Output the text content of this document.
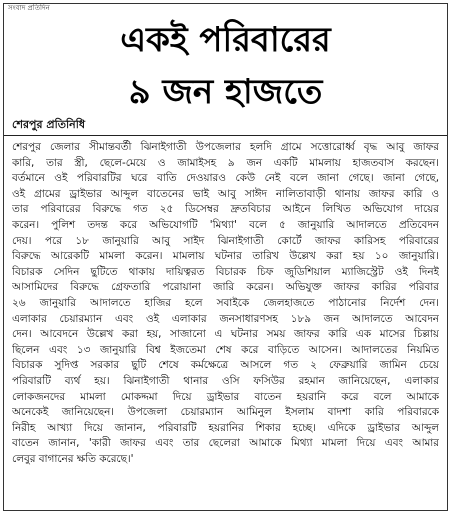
সংবাদ প্রতিদিন
একই পরিবারের
৯ জন হাজতে
শেরপুর প্রতিনিধি
শেরপুর জেলার সীমান্তবর্তী ঝিনাইগাতী উপজেলার হলদি গ্রামে সত্তোরোর্ধ্ব বৃদ্ধ আবু জাফর
কারি, তার স্ত্রী, ছেলে-মেয়ে ও জামাইসহ ৯ জন একটি মামলায় হাজতবাস করছেন।
বর্তমানে ওই পরিবারটির ঘরে বাতি দেওয়ারও কেউ নেই বলে জানা গেছে। জানা গেছে,
ওই গ্রামের ড্রাইভার আব্দুল বাতেনের ভাই আবু সাঈদ নালিতাবাড়ী থানায় জাফর কারি ও
তার পরিবারের বিরুদ্ধে গত ২৫ ডিসেম্বর দ্রুতবিচার আইনে লিখিত অভিযোগ দায়ের
করেন। পুলিশ তদন্ত করে অভিযোগটি 'মিথ্যা' বলে ৫ জানুয়ারি আদালতে প্রতিবেদন
দেয়। পরে ১৮ জানুয়ারি আবু সাইদ ঝিনাইগাতী কোর্টে জাফর কারিসহ পরিবারের
বিরুদ্ধে আরেকটি মামলা করেন। মামলায় ঘটনার তারিখ উল্লেখ করা হয় ১০ জানুয়ারি।
বিচারক সেদিন ছুটিতে থাকায় দায়িত্বরত বিচারক চিফ জুডিশিয়াল ম্যাজিস্ট্রেট ওই দিনই
আসামিদের বিরুদ্ধে গ্রেফতারি পরোয়ানা জারি করেন। অভিযুক্ত জাফর কারির পরিবার
২৬ জানুয়ারি আদালতে হাজির হলে সবাইকে জেলহাজতে পাঠানোর নির্দেশ দেন।
এলাকার চেয়ারম্যান এবং ওই এলাকার জনসাধারণসহ ১৮৯ জন আদালতে আবেদন
দেন। আবেদনে উল্লেখ করা হয়, সাজানো এ ঘটনার সময় জাফর কারি এক মাসের চিল্লায়
ছিলেন এবং ১৩ জানুয়ারি বিশ্ব ইজতেমা শেষ করে বাড়িতে আসেন। আদালতের নিয়মিত
বিচারক সুদিপ্ত সরকার ছুটি শেষে কর্মক্ষেত্রে আসলে গত ২ ফেব্রুয়ারি জামিন চেয়ে
পরিবারটি ব্যর্থ হয়। ঝিনাইগাতী থানার ওসি ফসিউর রহমান জানিয়েছেন, এলাকার
লোকজনদের মামলা মোকদ্দমা দিয়ে ড্রাইভার বাতেন হয়রানি করে বলে আমাকে
অনেকেই জানিয়েছেন। উপজেলা চেয়ারম্যান আমিনুল ইসলাম বাদশা কারি পরিবারকে
নিরীহ আখ্যা দিয়ে জানান, পরিবারটি হয়রানির শিকার হচ্ছে। এদিকে ড্রাইভার আব্দুল
বাতেন জানান, 'কারী জাফর এবং তার ছেলেরা আমাকে মিথ্যা মামলা দিয়ে এবং আমার
লেবুর বাগানের ক্ষতি করেছে।'
